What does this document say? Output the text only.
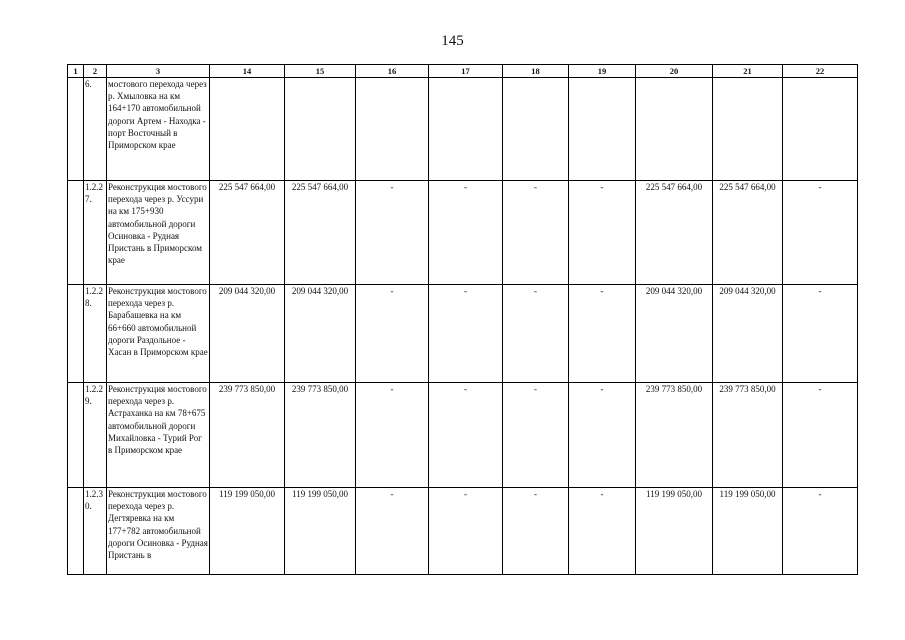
145
1	2	3	14	15	16	17	18	19	20	21	22
	6.	мостового перехода через р. Хмыловка на км 164+170 автомобильной дороги Артем - Находка - порт Восточный в Приморском крае									
	1.2.2 7.	Реконструкция мостового перехода через р. Уссури на км 175+930 автомобильной дороги Осиновка - Рудная Пристань в Приморском крае	225 547 664,00	225 547 664,00	-	-	-	-	225 547 664,00	225 547 664,00	-
	1.2.2 8.	Реконструкция мостового перехода через р. Барабашевка на км 66+660 автомобильной дороги Раздольное - Хасан в Приморском крае	209 044 320,00	209 044 320,00	-	-	-	-	209 044 320,00	209 044 320,00	-
	1.2.2 9.	Реконструкция мостового перехода через р. Астраханка на км 78+675 автомобильной дороги Михайловка - Турий Рог в Приморском крае	239 773 850,00	239 773 850,00	-	-	-	-	239 773 850,00	239 773 850,00	-
	1.2.3 0.	Реконструкция мостового перехода через р. Дегтяревка на км 177+782 автомобильной дороги Осиновка - Рудная Пристань в	119 199 050,00	119 199 050,00	-	-	-	-	119 199 050,00	119 199 050,00	-
